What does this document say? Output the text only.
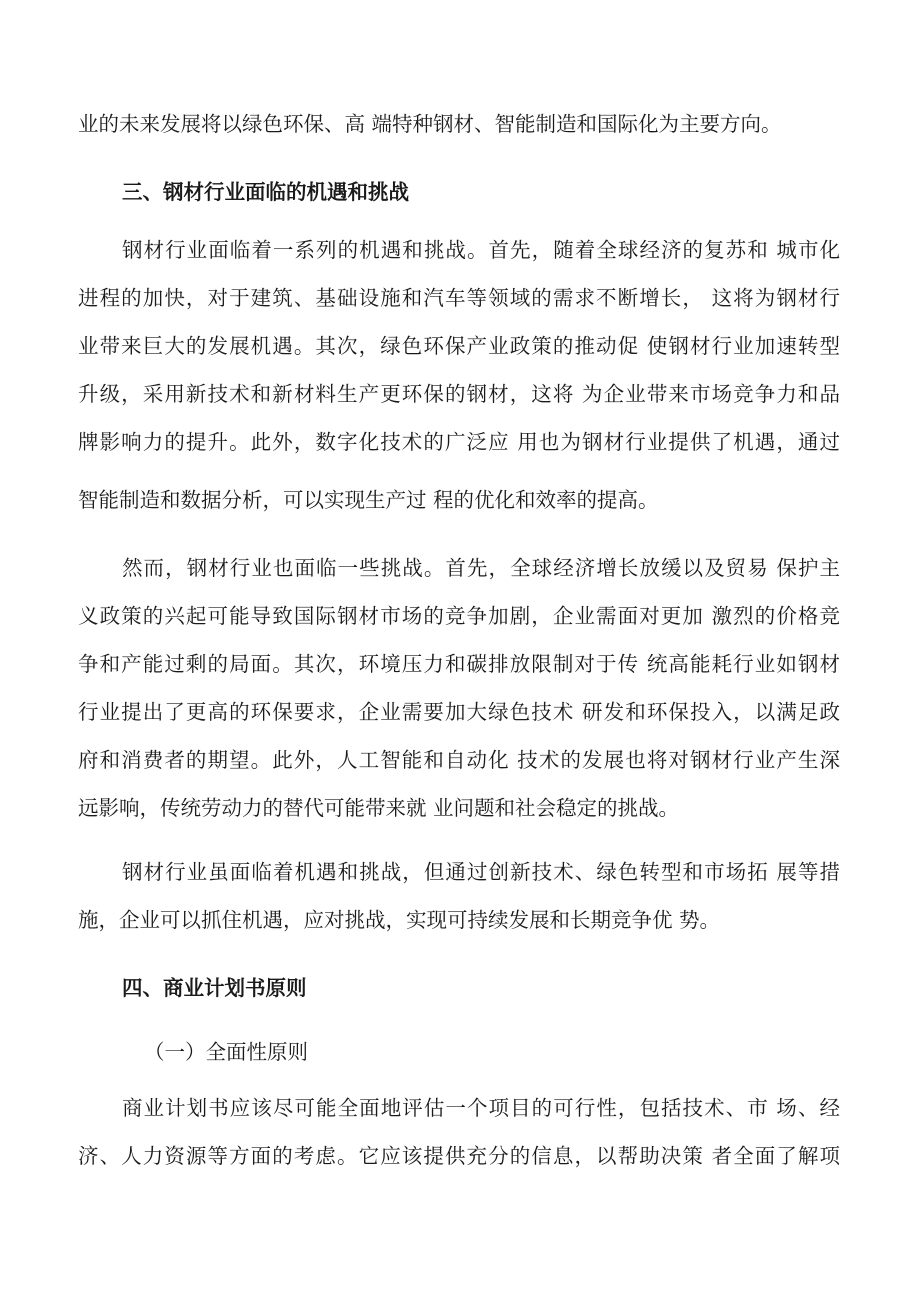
业的未来发展将以绿色环保、高 端特种钢材、智能制造和国际化为主要方向。
三、钢材行业面临的机遇和挑战
钢材行业面临着一系列的机遇和挑战。首先，随着全球经济的复苏和 城市化
进程的加快，对于建筑、基础设施和汽车等领域的需求不断增长， 这将为钢材行
业带来巨大的发展机遇。其次，绿色环保产业政策的推动促 使钢材行业加速转型
升级，采用新技术和新材料生产更环保的钢材，这将 为企业带来市场竞争力和品
牌影响力的提升。此外，数字化技术的广泛应 用也为钢材行业提供了机遇，通过
智能制造和数据分析，可以实现生产过 程的优化和效率的提高。
然而，钢材行业也面临一些挑战。首先，全球经济增长放缓以及贸易 保护主
义政策的兴起可能导致国际钢材市场的竞争加剧，企业需面对更加 激烈的价格竞
争和产能过剩的局面。其次，环境压力和碳排放限制对于传 统高能耗行业如钢材
行业提出了更高的环保要求，企业需要加大绿色技术 研发和环保投入，以满足政
府和消费者的期望。此外，人工智能和自动化 技术的发展也将对钢材行业产生深
远影响，传统劳动力的替代可能带来就 业问题和社会稳定的挑战。
钢材行业虽面临着机遇和挑战，但通过创新技术、绿色转型和市场拓 展等措
施，企业可以抓住机遇，应对挑战，实现可持续发展和长期竞争优 势。
四、商业计划书原则
（一）全面性原则
商业计划书应该尽可能全面地评估一个项目的可行性，包括技术、市 场、经
济、人力资源等方面的考虑。它应该提供充分的信息，以帮助决策 者全面了解项
